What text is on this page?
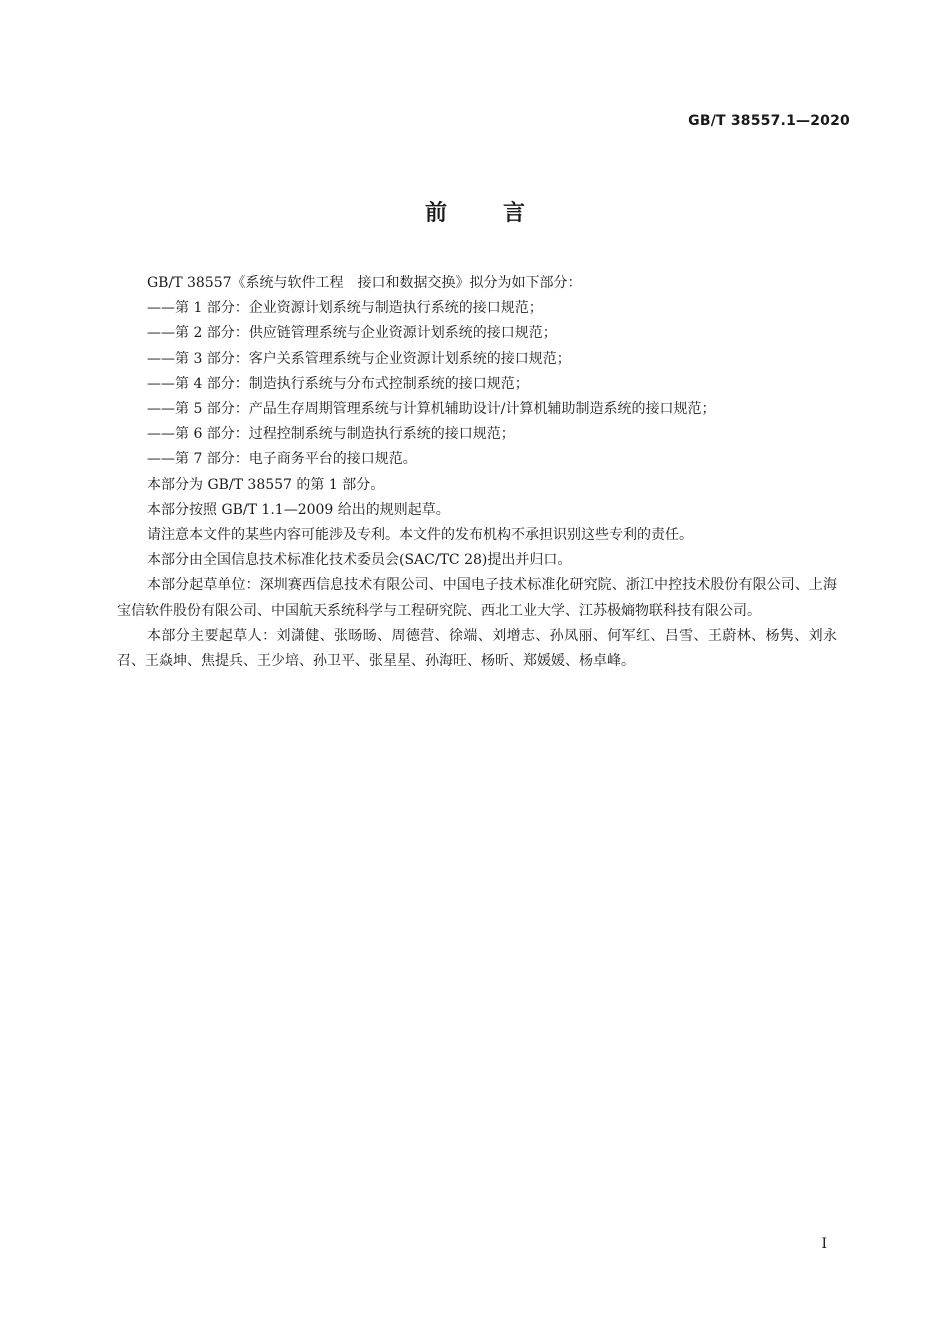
GB/T 38557.1—2020
前言

GB/T 38557《系统与软件工程　接口和数据交换》拟分为如下部分：

——第 1 部分：企业资源计划系统与制造执行系统的接口规范；

——第 2 部分：供应链管理系统与企业资源计划系统的接口规范；

——第 3 部分：客户关系管理系统与企业资源计划系统的接口规范；

——第 4 部分：制造执行系统与分布式控制系统的接口规范；

——第 5 部分：产品生存周期管理系统与计算机辅助设计/计算机辅助制造系统的接口规范；

——第 6 部分：过程控制系统与制造执行系统的接口规范；

——第 7 部分：电子商务平台的接口规范。

本部分为 GB/T 38557 的第 1 部分。

本部分按照 GB/T 1.1—2009 给出的规则起草。

请注意本文件的某些内容可能涉及专利。本文件的发布机构不承担识别这些专利的责任。

本部分由全国信息技术标准化技术委员会(SAC/TC 28)提出并归口。

本部分起草单位：深圳赛西信息技术有限公司、中国电子技术标准化研究院、浙江中控技术股份有限公司、上海宝信软件股份有限公司、中国航天系统科学与工程研究院、西北工业大学、江苏极熵物联科技有限公司。

本部分主要起草人：刘潇健、张旸旸、周德营、徐端、刘增志、孙凤丽、何军红、吕雪、王蔚林、杨隽、刘永召、王焱坤、焦提兵、王少培、孙卫平、张星星、孙海旺、杨昕、郑媛媛、杨卓峰。

I
